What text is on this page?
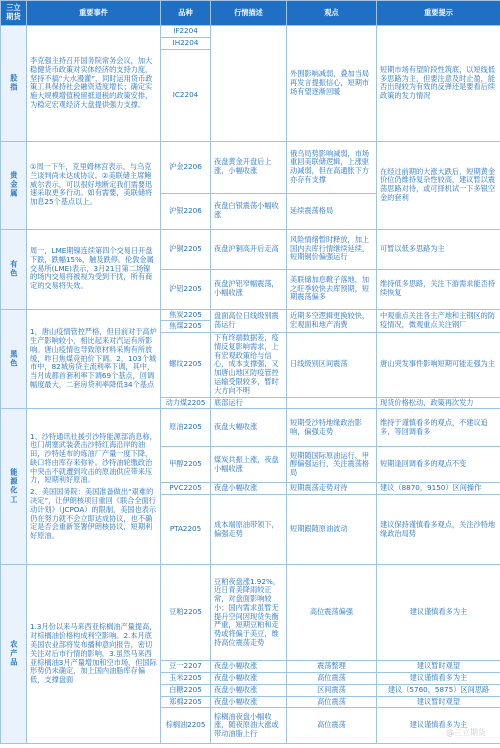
三立期货	重要事件	品种	行情描述	观点	重要提示

股指	李克强主持召开国务院常务会议，加大稳健货币政策对实体经济的支持力度，坚持不搞“大水漫灌”，同时运用货币政策工具保持社会融资适度增长；确定实施大规模增值税留抵退税的政策安排，为稳定宏观经济大盘提供强力支撑。	IF2204		外围影响减弱，叠加当局再发言提振信心，短期市场有望逐渐回暖	短期市场有望阶段性筑底，以短线低多思路为主，但要注意及时止盈，能否出现较为有效的反弹还是要看后续政策的发力情况
		IH2204			
		IC2204			

贵金属	①周一下午，克里姆林宫表示，与乌克兰谈判尚未达成协议。②美联储主席鲍威尔表示，可以很好地断定我们需要迅速采取更多行动。如有需要，美联储将加息25个基点以上。	沪金2206	夜盘黄金开盘后上涨，小幅收涨	俄乌局势影响减弱，市场重回美联储逻辑，上涨驱动减弱，但在高通胀下方亦存有支撑	在经过前期的大涨大跌后，短期黄金价位仍维持复杂性较高，建议暂以震荡思路对待，或可择机试一下多银空金的套利
		沪银2206	夜盘白银震荡小幅收涨	延续震荡格局	

有色	周一，LME期镍连续第四个交易日开盘下跌，跌幅15%，触及跌停。伦敦金属交易所(LME)表示，3月21日第二场镍的场内交易将被视为受到干扰，所有商定的交易将失效。	沪铜2205	夜盘沪铜高开后走高	风险情绪暂时释放，加上国内去库行情继续延续，短期铜价偏强运行	可暂以低多思路为主
		沪铝2205	夜盘沪铝窄幅震荡，小幅收涨	美联储加息靴子落地，加之旺季较快去库预期，短期震荡偏多	维持低多思路，关注下游需求能否持续恢复

黑色	1，唐山疫情管控严格，但目前对于高炉生产影响较小，相比起来对汽运有所影响。唐山疫情也导致原材料采购有所放缓，昨日焦煤竞拍价下调。2，103个城市中，82城房贷主流利率下调，其中，当月成都首套利率下调69个基点，回调幅度最大，二套房贷利率降低34个基点	焦炭2205	盘面高位日线级别震荡运行	近期多空逻辑更换较快，宏观面和地产消费	中观重点关注各主产地和主钢区的防疫情况，微观重点关注钢厂
		焦煤2205			
		螺纹2205	下有终端数据差，疫情反复影响需求，上有宏观政策给与信心，成本支撑强，又加唐山地区防疫管控运输受限较多，暂时大方向不明	日线级别区间震荡	唐山突发事件影响短期可能走强为主
		动力煤2205	底部运行		现货价格松动，政策再次发力

能源化工	1、沙特通讯社援引沙特能源部消息称，也门胡塞武装袭击沙特红海沿岸的油田，沙特延布的炼油厂产量一度下降，缺口将由库存来弥补。沙特油轮缴政治中突击不就遭到攻击的原油供应带来压力，短期利好原油。
2、美国国务院：美国准备做出“艰难的决定”，让伊朗核项目重回《联合全面行动计划》（JCPOA）的限制，美国也表示仍在努力就不会立即达成协议，也不确定是否会重新签署伊朗核协议，短期利好原油。	原油2205	夜盘大幅收涨	短期受沙特地缘政治影响，偏强走势	维持于谨慎看多的观点，不建议追多，等回调看多
		甲醇2205	煤炭共振上涨，夜盘小幅收涨	短期随国际原油运行，甲醇偏强运行，关注震荡格局	短期逢回调看多的观点不变
		PVC2205	夜盘小幅收涨	短期震荡走势对待	建议（8870，9150）区间操作
		PTA2205	成本端原油带领下，偏强走势	短期跟随原油波动	建议保持谨慎看多观点，关注沙特地缘政治局势

农产品	1.3月份以来马来西亚棕榈油产量提高，对棕榈油价格构成利空影响。2.本月底美国农业部将发布播种意向报告，密切关注对后市行情的影响。3.虽然马来西亚棕榈油3月产量增加和空市场，但国际形势仍未确定，加上国内油脂库存偏低，支撑盘面	豆粕2205	豆粕夜盘涨1.92%，近日青美降雨较正常，对盘面影响较小；国内需求虽暂无提升空间因现货失衡严重，短期豆粕和走势或将偏于美豆，维持高位震荡走势	高位震荡偏强	建议谨慎看多为主
		豆一2207	夜盘小幅收涨	震荡整理	建议暂时观望
		玉米2205	夜盘小幅收涨	高位震荡	建议谨慎看多为主
		白糖2205	夜盘小幅收涨	区间震荡	建议（5760，5875）区间思路
		郑棉2205	夜盘小幅收涨	高位震荡	建议暂时观望
		棕榈油2205	棕榈油夜盘小幅收涨，随夜原油大涨或带动油脂上行	高位震荡	建议谨慎看多为主
@三立期货
